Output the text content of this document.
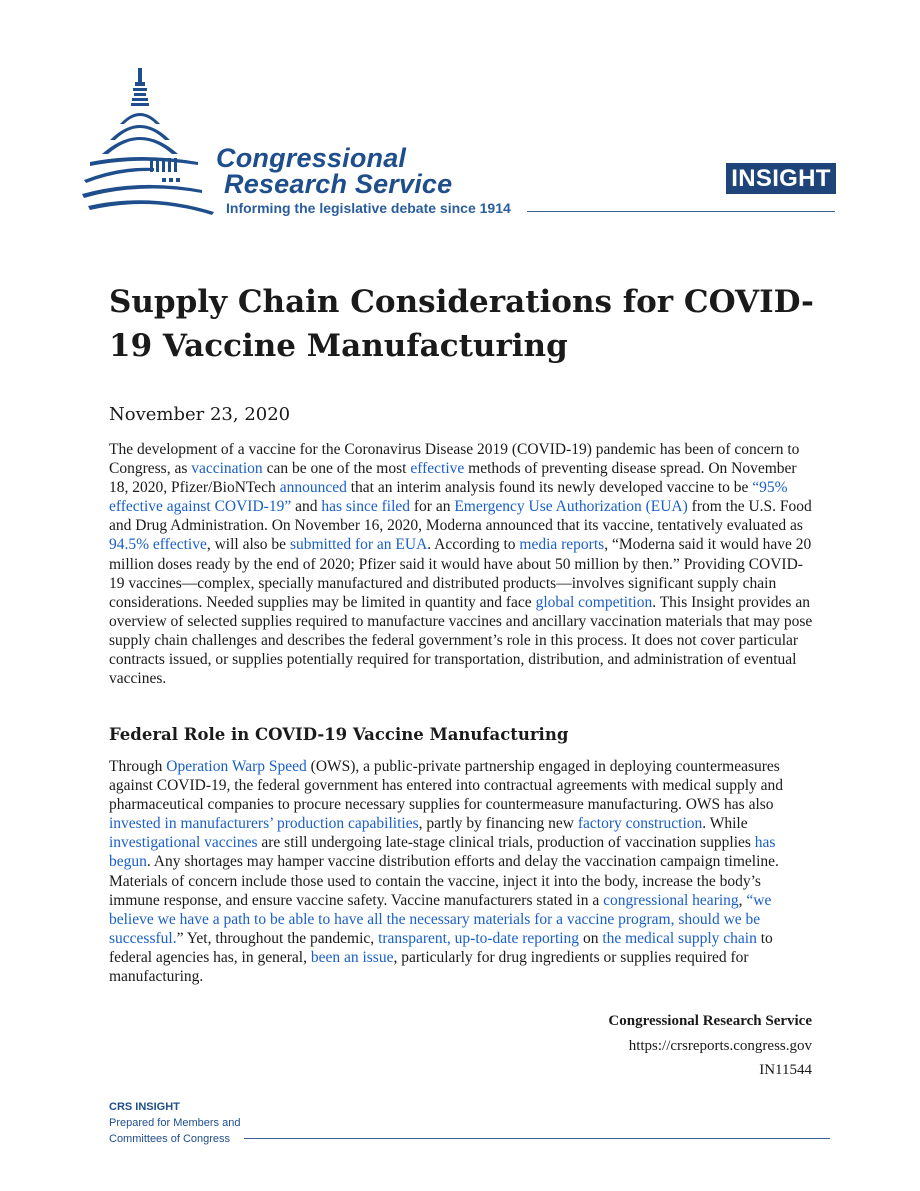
Congressional
Research Service
Informing the legislative debate since 1914
INSIGHT
Supply Chain Considerations for COVID-19 Vaccine Manufacturing
November 23, 2020

The development of a vaccine for the Coronavirus Disease 2019 (COVID-19) pandemic has been of concern to Congress, as vaccination can be one of the most effective methods of preventing disease spread. On November 18, 2020, Pfizer/BioNTech announced that an interim analysis found its newly developed vaccine to be “95% effective against COVID-19” and has since filed for an Emergency Use Authorization (EUA) from the U.S. Food and Drug Administration. On November 16, 2020, Moderna announced that its vaccine, tentatively evaluated as 94.5% effective, will also be submitted for an EUA. According to media reports, “Moderna said it would have 20 million doses ready by the end of 2020; Pfizer said it would have about 50 million by then.” Providing COVID-19 vaccines—complex, specially manufactured and distributed products—involves significant supply chain considerations. Needed supplies may be limited in quantity and face global competition. This Insight provides an overview of selected supplies required to manufacture vaccines and ancillary vaccination materials that may pose supply chain challenges and describes the federal government’s role in this process. It does not cover particular contracts issued, or supplies potentially required for transportation, distribution, and administration of eventual vaccines.

Federal Role in COVID-19 Vaccine Manufacturing

Through Operation Warp Speed (OWS), a public-private partnership engaged in deploying countermeasures against COVID-19, the federal government has entered into contractual agreements with medical supply and pharmaceutical companies to procure necessary supplies for countermeasure manufacturing. OWS has also invested in manufacturers’ production capabilities, partly by financing new factory construction. While investigational vaccines are still undergoing late-stage clinical trials, production of vaccination supplies has begun. Any shortages may hamper vaccine distribution efforts and delay the vaccination campaign timeline. Materials of concern include those used to contain the vaccine, inject it into the body, increase the body’s immune response, and ensure vaccine safety. Vaccine manufacturers stated in a congressional hearing, “we believe we have a path to be able to have all the necessary materials for a vaccine program, should we be successful.” Yet, throughout the pandemic, transparent, up-to-date reporting on the medical supply chain to federal agencies has, in general, been an issue, particularly for drug ingredients or supplies required for manufacturing.

Congressional Research Service
https://crsreports.congress.gov
IN11544
CRS INSIGHT
Prepared for Members and
Committees of Congress
